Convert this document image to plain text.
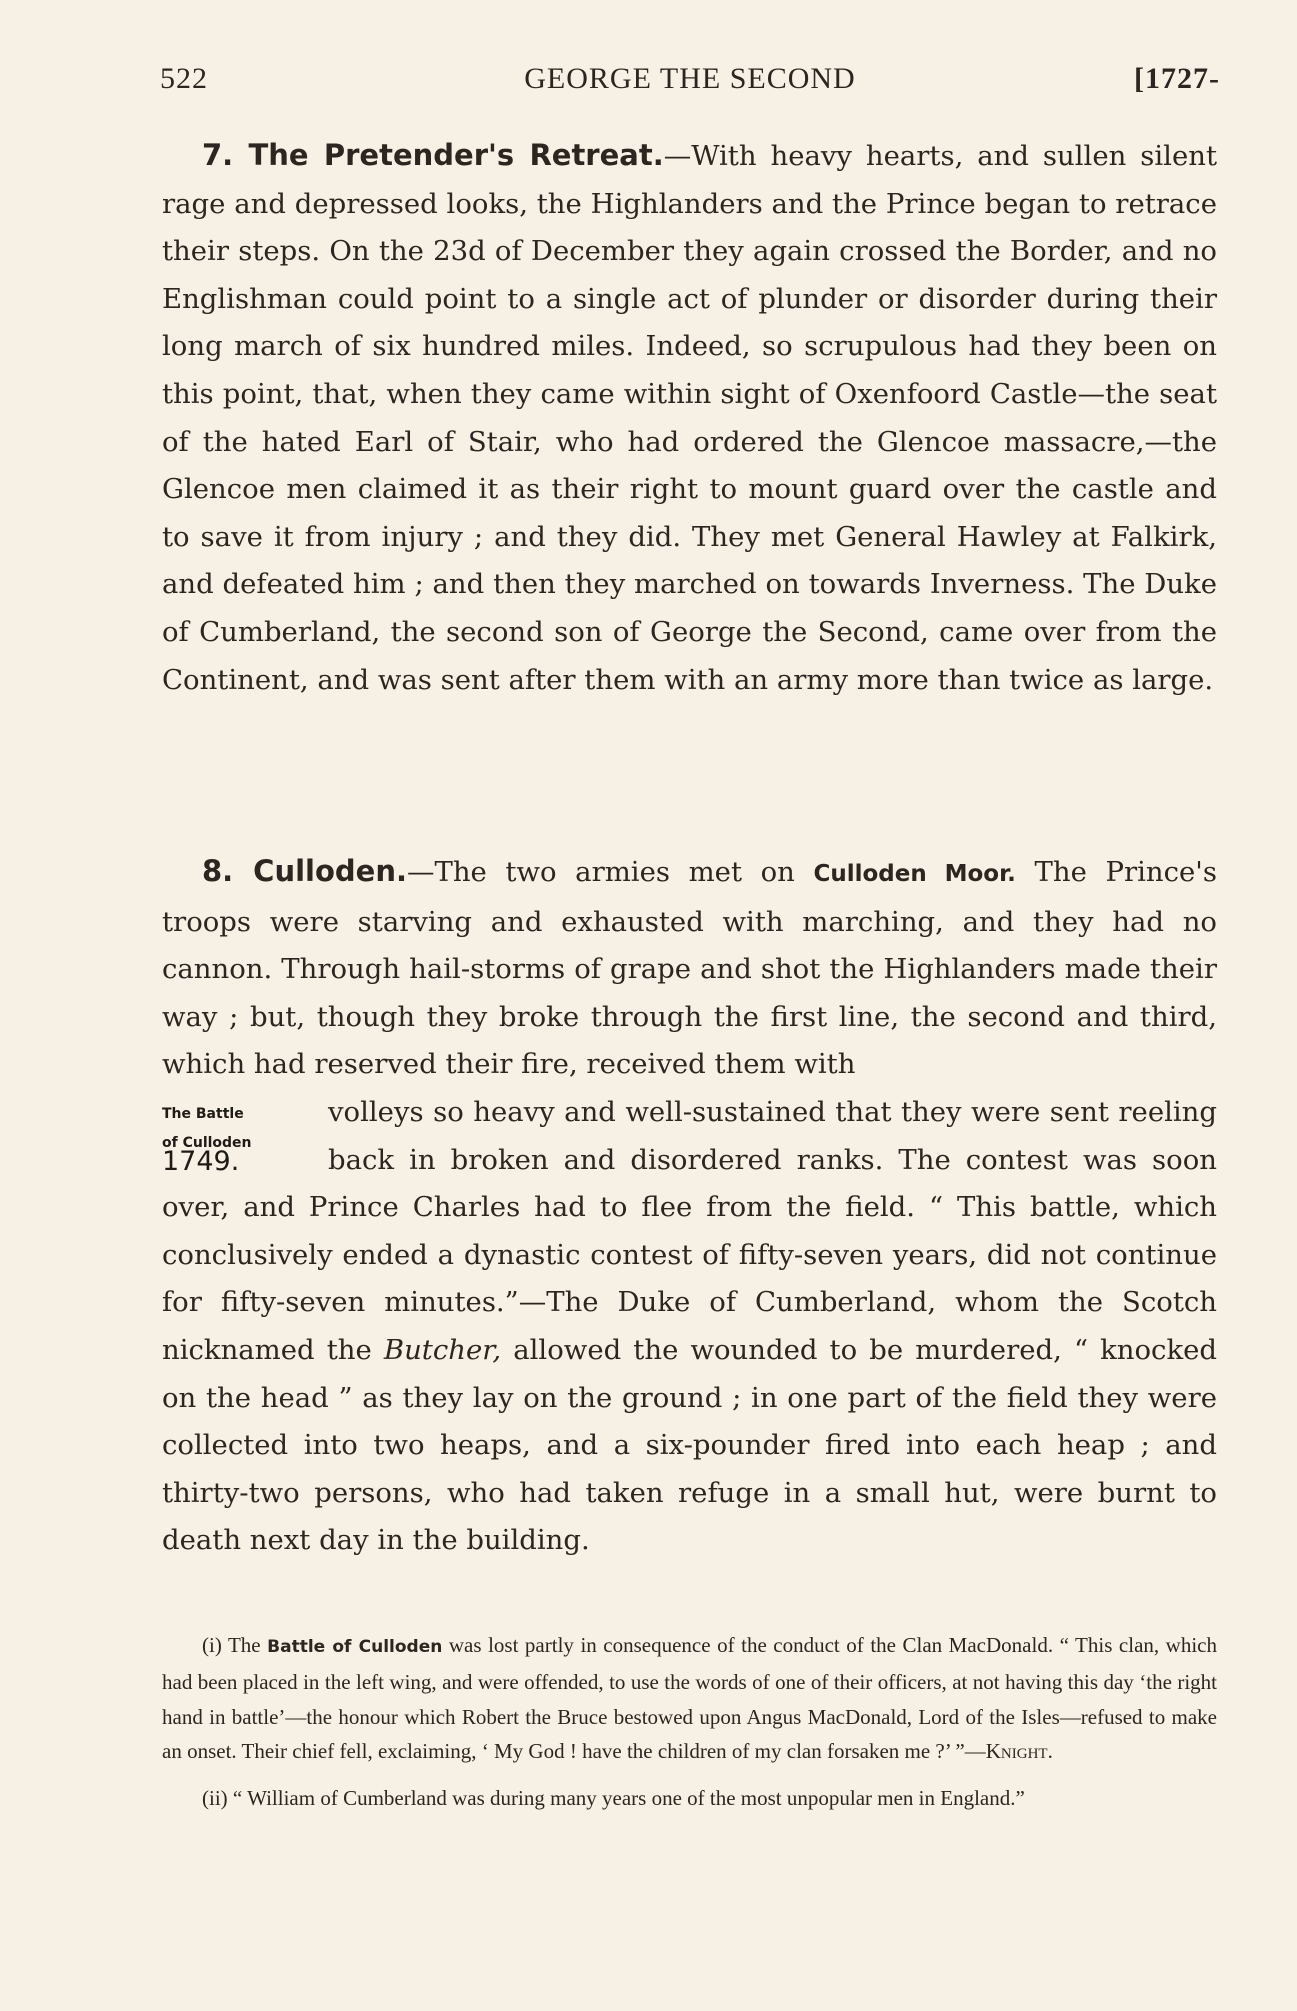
522	GEORGE THE SECOND	[1727-

7. The Pretender's Retreat.—With heavy hearts, and sullen silent rage and depressed looks, the Highlanders and the Prince began to retrace their steps. On the 23d of December they again crossed the Border, and no Englishman could point to a single act of plunder or disorder during their long march of six hundred miles. Indeed, so scrupulous had they been on this point, that, when they came within sight of Oxenfoord Castle—the seat of the hated Earl of Stair, who had ordered the Glencoe massacre,—the Glencoe men claimed it as their right to mount guard over the castle and to save it from injury ; and they did. They met General Hawley at Falkirk, and defeated him ; and then they marched on towards Inverness. The Duke of Cumberland, the second son of George the Second, came over from the Continent, and was sent after them with an army more than twice as large.

8. Culloden.—The two armies met on Culloden Moor. The Prince's troops were starving and exhausted with marching, and they had no cannon. Through hail-storms of grape and shot the Highlanders made their way ; but, though they broke through the first line, the second and third, which had reserved their fire, received them with

The Battle
of Culloden
1749.

volleys so heavy and well-sustained that they were sent reeling back in broken and disordered ranks. The contest was soon over, and Prince Charles had to flee from the field. “ This battle, which conclusively ended a dynastic contest of fifty-seven years, did not continue for fifty-seven minutes.”—The Duke of Cumberland, whom the Scotch nicknamed the Butcher, allowed the wounded to be murdered, “ knocked on the head ” as they lay on the ground ; in one part of the field they were collected into two heaps, and a six-pounder fired into each heap ; and thirty-two persons, who had taken refuge in a small hut, were burnt to death next day in the building.

(i) The Battle of Culloden was lost partly in consequence of the conduct of the Clan MacDonald. “ This clan, which had been placed in the left wing, and were offended, to use the words of one of their officers, at not having this day ‘the right hand in battle’—the honour which Robert the Bruce bestowed upon Angus MacDonald, Lord of the Isles—refused to make an onset. Their chief fell, exclaiming, ‘ My God ! have the children of my clan forsaken me ?’ ”—Knight.

(ii) “ William of Cumberland was during many years one of the most unpopular men in England.”
